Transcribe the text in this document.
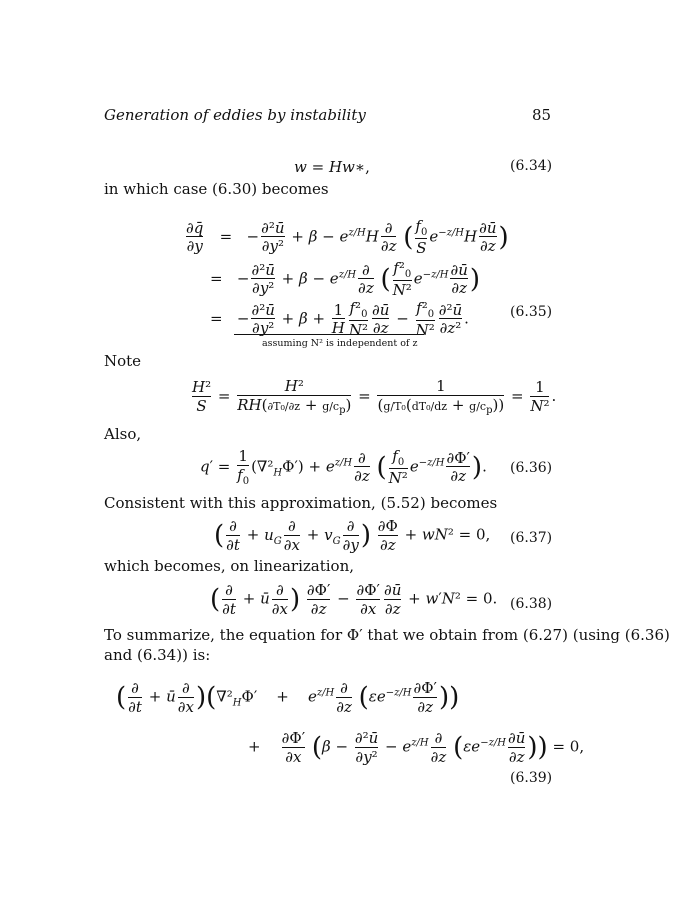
Generation of eddies by instability	85
w = Hw∗,	(6.34)
in which case (6.30) becomes
$\frac{\partial q̄}{\partial y}$ =   − $\frac{\text{∂²ū}}{\text{∂y²}} + \beta - e^{z/H}H \frac{\partial}{\partial z}$ ( $\frac{f_0}{S} e^{-z/H}H \frac{\partial ū}{\partial z}$ )
=   − $\frac{\text{∂²ū}}{\text{∂y²}} + \beta - e^{z/H} \frac{\partial}{\partial z}$ ( $\frac{f^2_0}{\text{N²}} e^{-z/H} \frac{\partial ū}{\partial z}$ )
=   − $\frac{\text{∂²ū}}{\text{∂y²}} + \beta + \frac{1}{H} \frac{f^2_0}{\text{N²}} \frac{\partial ū}{\partial z} - \frac{f^2_0}{\text{N²}} \frac{\text{∂²ū}}{\text{∂z²}}$ .
assuming N² is independent of z
(6.35)
Note
$\frac{\text{H²}}{S} = \frac{\text{H²}}{RH(\partial T_0/\partial z + g/c_p)} = \frac{1}{(g/T_0(dT_0/dz + g/c_p))} = \frac{1}{\text{N²}}$ .
Also,
$q' = \frac{1}{f_0} (\nabla^2_H\Phi') + e^{z/H} \frac{\partial}{\partial z}$ ( $\frac{f_0}{\text{N²}} e^{-z/H} \frac{\partial\Phi'}{\partial z}$ ). (6.36)
Consistent with this approximation, (5.52) becomes
( $\frac{\partial}{\partial t} + u_G \frac{\partial}{\partial x} + v_G \frac{\partial}{\partial y}$ ) $\frac{\partial\Phi}{\partial z} + wN^2 = 0$, (6.37)
which becomes, on linearization,
( $\frac{\partial}{\partial t}$ + ū $\frac{\partial}{\partial x}$ ) $\frac{\partial\Phi'}{\partial z} - \frac{\partial\Phi'}{\partial x} \frac{\partial ū}{\partial z} + w'N^2 = 0$. (6.38)
To summarize, the equation for Φ′ that we obtain from (6.27) (using (6.36)
and (6.34)) is:
( $\frac{\partial}{\partial t}$ + ū $\frac{\partial}{\partial x} )(\nabla^2_H\Phi'$    +    $e^{z/H} \frac{\partial}{\partial z} (\varepsilon e^{-z/H} \frac{\partial\Phi'}{\partial z}$ ))
+ $\frac{\partial\Phi'}{\partial x} (\beta - \frac{\text{∂²ū}}{\text{∂y²}} - e^{z/H} \frac{\partial}{\partial z} (\varepsilon e^{-z/H} \frac{\partial ū}{\partial z}$ )) = 0,
(6.39)
